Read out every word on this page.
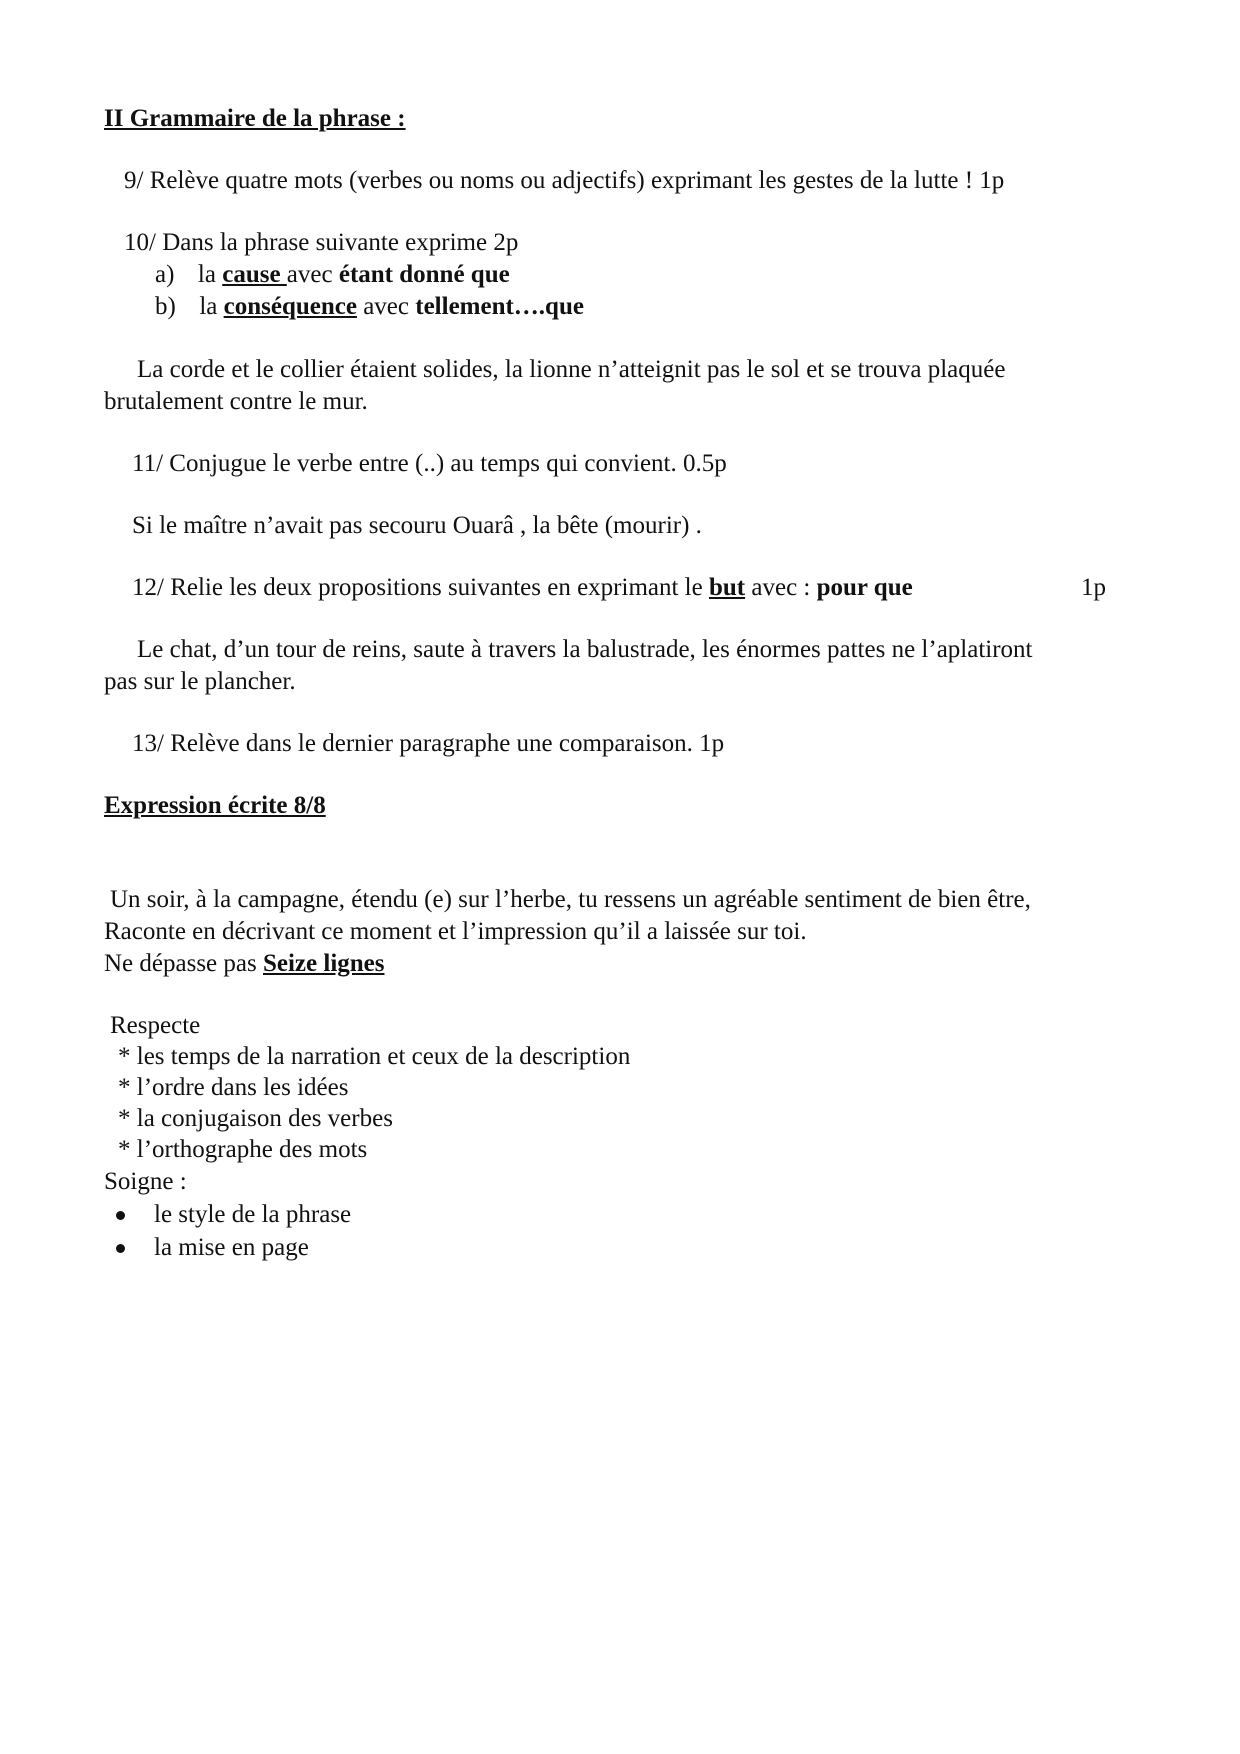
II Grammaire de la phrase :
9/ Relève quatre mots (verbes ou noms ou adjectifs) exprimant les gestes de la lutte ! 1p
10/ Dans la phrase suivante exprime 2p
a) la cause avec étant donné que
b) la conséquence avec tellement….que
La corde et le collier étaient solides, la lionne n’atteignit pas le sol et se trouva plaquée
brutalement contre le mur.
11/ Conjugue le verbe entre (..) au temps qui convient. 0.5p
Si le maître n’avait pas secouru Ouarâ , la bête (mourir) .
12/ Relie les deux propositions suivantes en exprimant le but avec : pour que	1p
Le chat, d’un tour de reins, saute à travers la balustrade, les énormes pattes ne l’aplatiront
pas sur le plancher.
13/ Relève dans le dernier paragraphe une comparaison. 1p
Expression écrite 8/8
Un soir, à la campagne, étendu (e) sur l’herbe, tu ressens un agréable sentiment de bien être,
Raconte en décrivant ce moment et l’impression qu’il a laissée sur toi.
Ne dépasse pas Seize lignes
Respecte
* les temps de la narration et ceux de la description
* l’ordre dans les idées
* la conjugaison des verbes
* l’orthographe des mots
Soigne :
le style de la phrase
la mise en page
